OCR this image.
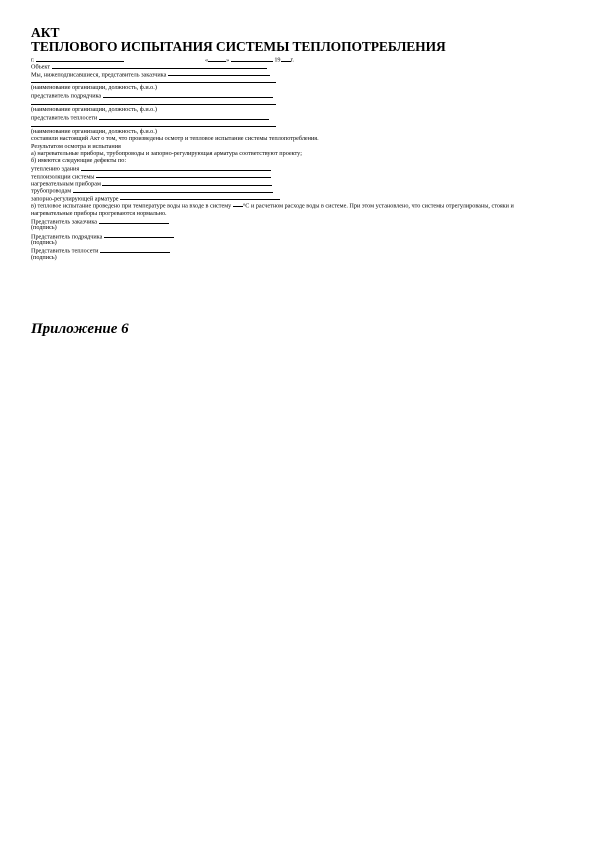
АКТ

ТЕПЛОВОГО ИСПЫТАНИЯ СИСТЕМЫ ТЕПЛОПОТРЕБЛЕНИЯ

г.	«	»	19 г.
Объект
Мы, нижеподписавшиеся, представитель заказчика
(наименование организации, должность, ф.и.о.)
представитель подрядчика
(наименование организации, должность, ф.и.о.)
представитель теплосети
(наименование организации, должность, ф.и.о.)
составили настоящий Акт о том, что произведены осмотр и тепловое испытание системы теплопотребления.
Результатом осмотра и испытания
а) нагревательные приборы, трубопроводы и запорно-регулирующая арматура соответствуют проекту;
б) имеются следующие дефекты по:
утеплению здания
теплоизоляции системы
нагревательным приборам
трубопроводам
запорно-регулирующей арматуре
в) тепловое испытание проведено при температуре воды на входе в систему °С и расчетном расходе воды в системе. При этом установлено, что системы отрегулированы, стояки и нагревательные приборы прогреваются нормально.
Представитель заказчика
(подпись)
Представитель подрядчика
(подпись)
Представитель теплосети
(подпись)
Приложение 6
